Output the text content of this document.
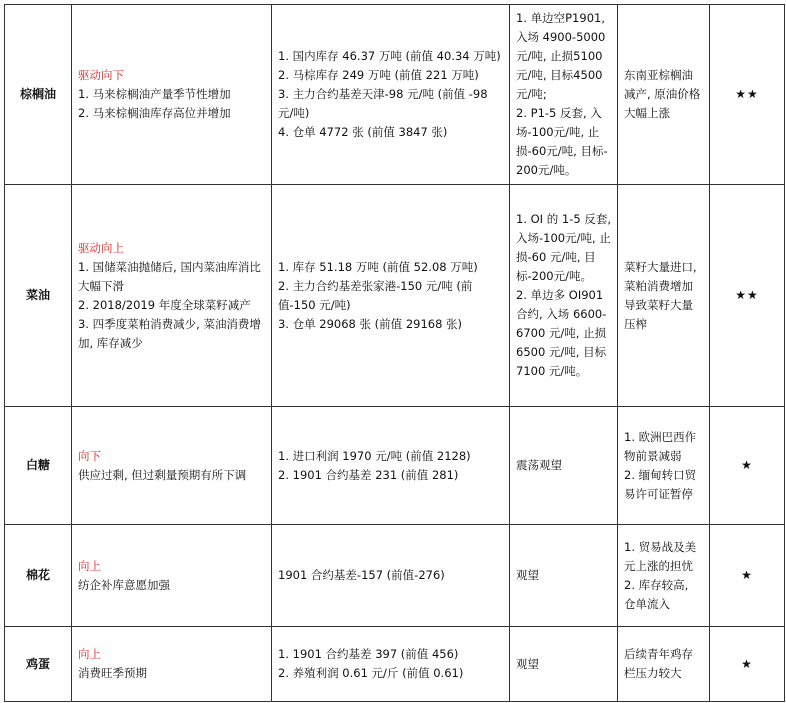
棕榈油	驱动向下
1. 马来棕榈油产量季节性增加
2. 马来棕榈油库存高位并增加	1. 国内库存 46.37 万吨 (前值 40.34 万吨)
2. 马棕库存 249 万吨 (前值 221 万吨)
3. 主力合约基差天津-98 元/吨 (前值 -98 元/吨)
4. 仓单 4772 张 (前值 3847 张)	1. 单边空P1901, 入场 4900-5000 元/吨, 止损5100 元/吨, 目标4500 元/吨;
2. P1-5 反套, 入场-100元/吨, 止损-60元/吨, 目标-200元/吨。	东南亚棕榈油减产, 原油价格大幅上涨	★★
菜油	驱动向上
1. 国储菜油抛储后, 国内菜油库消比大幅下滑
2. 2018/2019 年度全球菜籽减产
3. 四季度菜粕消费减少, 菜油消费增加, 库存减少	1. 库存 51.18 万吨 (前值 52.08 万吨)
2. 主力合约基差张家港-150 元/吨 (前值-150 元/吨)
3. 仓单 29068 张 (前值 29168 张)	1. OI 的 1-5 反套, 入场-100元/吨, 止损-60 元/吨, 目标-200元/吨。
2. 单边多 OI901 合约, 入场 6600-6700 元/吨, 止损 6500 元/吨, 目标 7100 元/吨。	菜籽大量进口, 菜粕消费增加导致菜籽大量压榨	★★
白糖	向下
供应过剩, 但过剩量预期有所下调	1. 进口利润 1970 元/吨 (前值 2128)
2. 1901 合约基差 231 (前值 281)	震荡观望	1. 欧洲巴西作物前景减弱
2. 缅甸转口贸易许可证暂停	★
棉花	向上
纺企补库意愿加强	1901 合约基差-157 (前值-276)	观望	1. 贸易战及美元上涨的担忧
2. 库存较高, 仓单流入	★
鸡蛋	向上
消费旺季预期	1. 1901 合约基差 397 (前值 456)
2. 养殖利润 0.61 元/斤 (前值 0.61)	观望	后续青年鸡存栏压力较大	★
